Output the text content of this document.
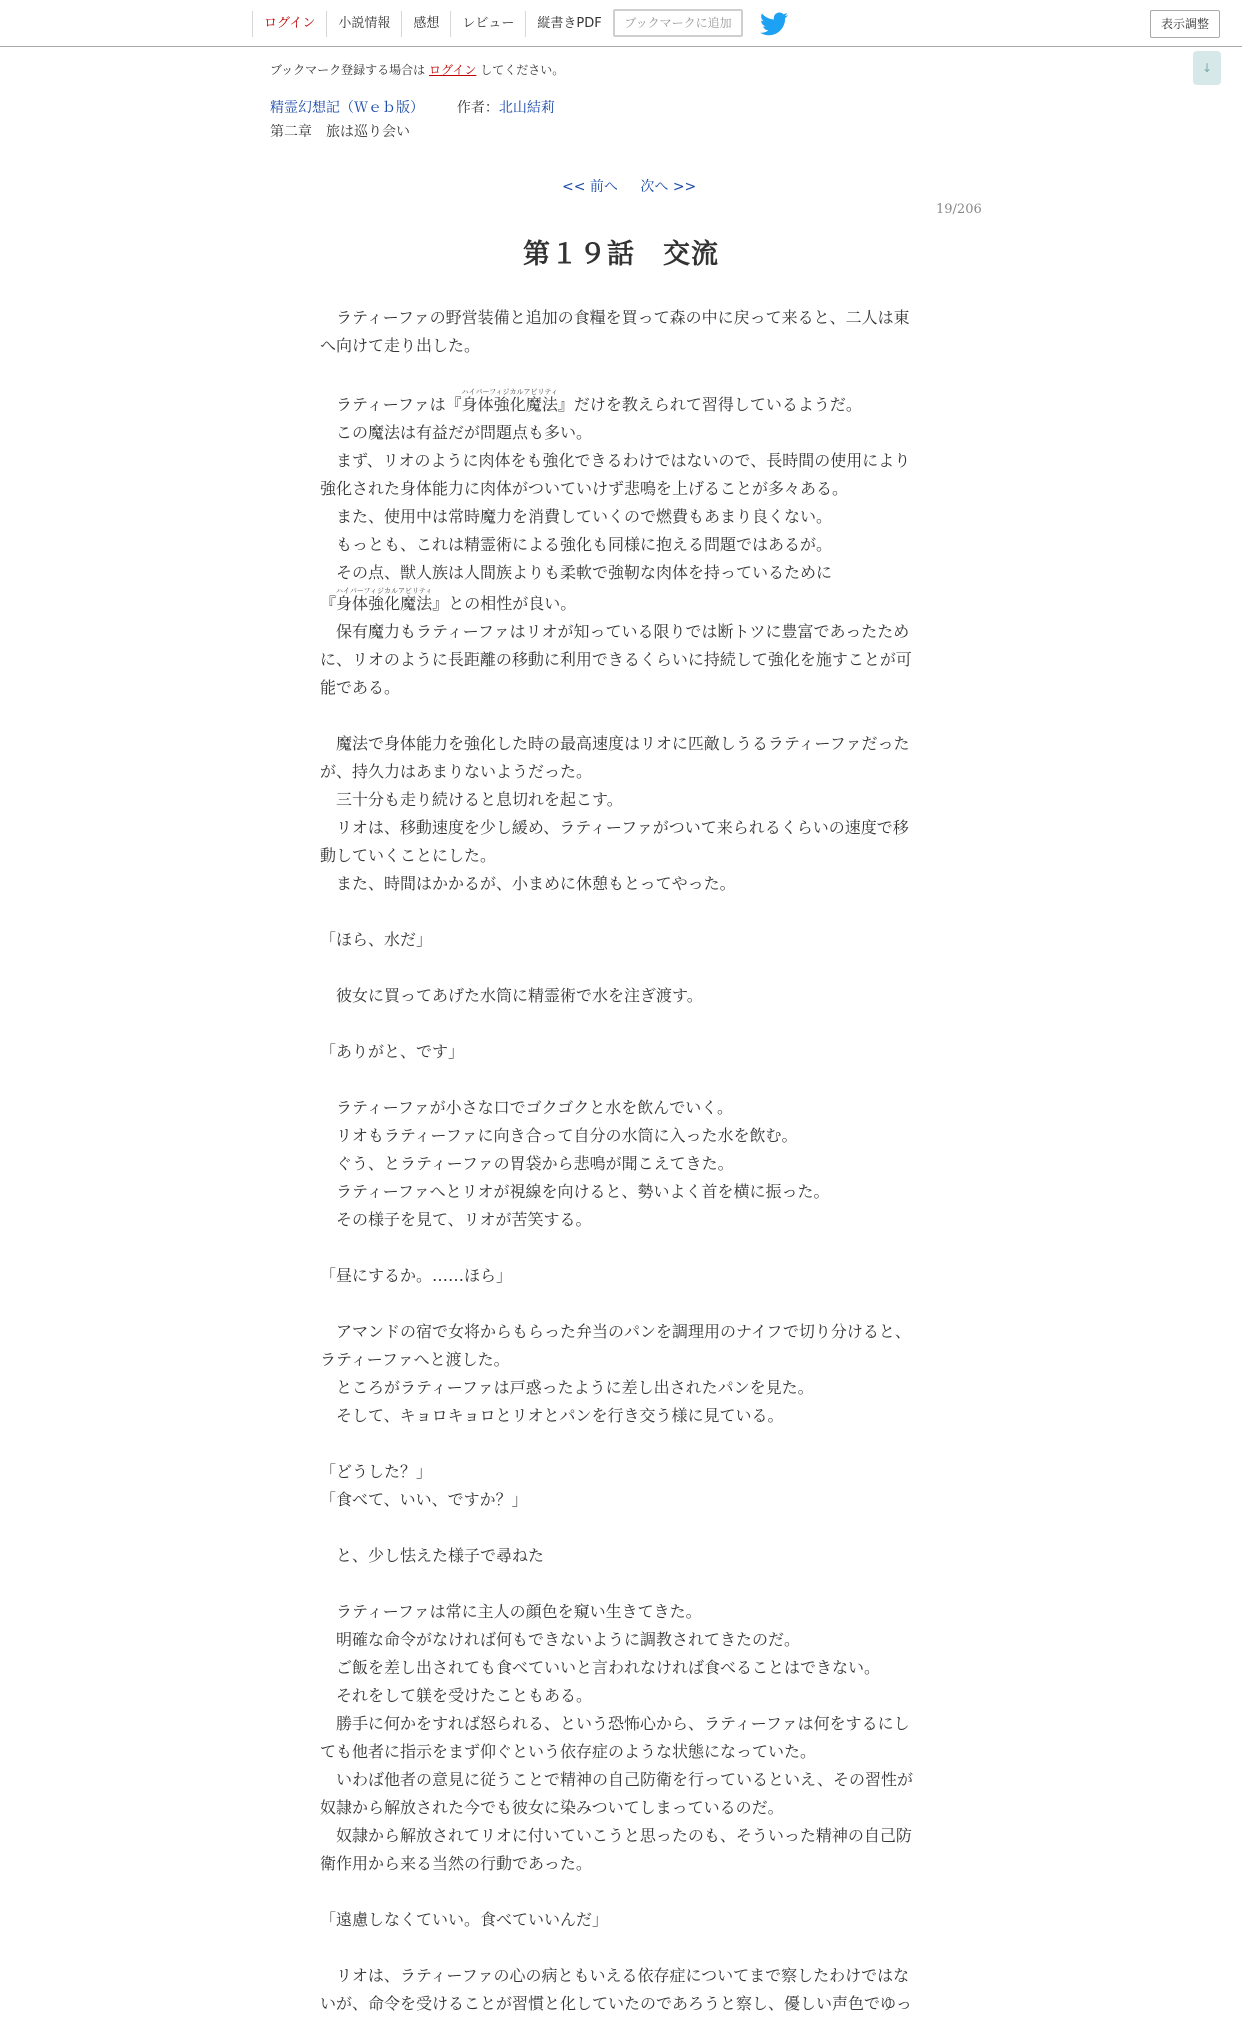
ログイン	小説情報	感想	レビュー	縦書きPDF	ブックマークに追加	表示調整
↓
ブックマーク登録する場合は ログイン してください。
精霊幻想記（Ｗｅｂ版） 作者：北山結莉
第二章　旅は巡り会い
<< 前へ 次へ >>
19/206
第１９話　交流

　ラティーファの野営装備と追加の食糧を買って森の中に戻って来ると、二人は東へ向けて走り出した。

　ラティーファは『身体強化魔法ハイパーフィジカルアビリティ』だけを教えられて習得しているようだ。

　この魔法は有益だが問題点も多い。

　まず、リオのように肉体をも強化できるわけではないので、長時間の使用により強化された身体能力に肉体がついていけず悲鳴を上げることが多々ある。

　また、使用中は常時魔力を消費していくので燃費もあまり良くない。

　もっとも、これは精霊術による強化も同様に抱える問題ではあるが。

　その点、獣人族は人間族よりも柔軟で強靭な肉体を持っているために

『身体強化魔法ハイパーフィジカルアビリティ』との相性が良い。

　保有魔力もラティーファはリオが知っている限りでは断トツに豊富であったために、リオのように長距離の移動に利用できるくらいに持続して強化を施すことが可能である。

　魔法で身体能力を強化した時の最高速度はリオに匹敵しうるラティーファだったが、持久力はあまりないようだった。

　三十分も走り続けると息切れを起こす。

　リオは、移動速度を少し緩め、ラティーファがついて来られるくらいの速度で移動していくことにした。

　また、時間はかかるが、小まめに休憩もとってやった。

「ほら、水だ」

　彼女に買ってあげた水筒に精霊術で水を注ぎ渡す。

「ありがと、です」

　ラティーファが小さな口でゴクゴクと水を飲んでいく。

　リオもラティーファに向き合って自分の水筒に入った水を飲む。

　ぐう、とラティーファの胃袋から悲鳴が聞こえてきた。

　ラティーファへとリオが視線を向けると、勢いよく首を横に振った。

　その様子を見て、リオが苦笑する。

「昼にするか。……ほら」

　アマンドの宿で女将からもらった弁当のパンを調理用のナイフで切り分けると、ラティーファへと渡した。

　ところがラティーファは戸惑ったように差し出されたパンを見た。

　そして、キョロキョロとリオとパンを行き交う様に見ている。

「どうした？」

「食べて、いい、ですか？」

　と、少し怯えた様子で尋ねた

　ラティーファは常に主人の顔色を窺い生きてきた。

　明確な命令がなければ何もできないように調教されてきたのだ。

　ご飯を差し出されても食べていいと言われなければ食べることはできない。

　それをして躾を受けたこともある。

　勝手に何かをすれば怒られる、という恐怖心から、ラティーファは何をするにしても他者に指示をまず仰ぐという依存症のような状態になっていた。

　いわば他者の意見に従うことで精神の自己防衛を行っているといえ、その習性が奴隷から解放された今でも彼女に染みついてしまっているのだ。

　奴隷から解放されてリオに付いていこうと思ったのも、そういった精神の自己防衛作用から来る当然の行動であった。

「遠慮しなくていい。食べていいんだ」

　リオは、ラティーファの心の病ともいえる依存症についてまで察したわけではないが、命令を受けることが習慣と化していたのであろうと察し、優しい声色でゆっ
